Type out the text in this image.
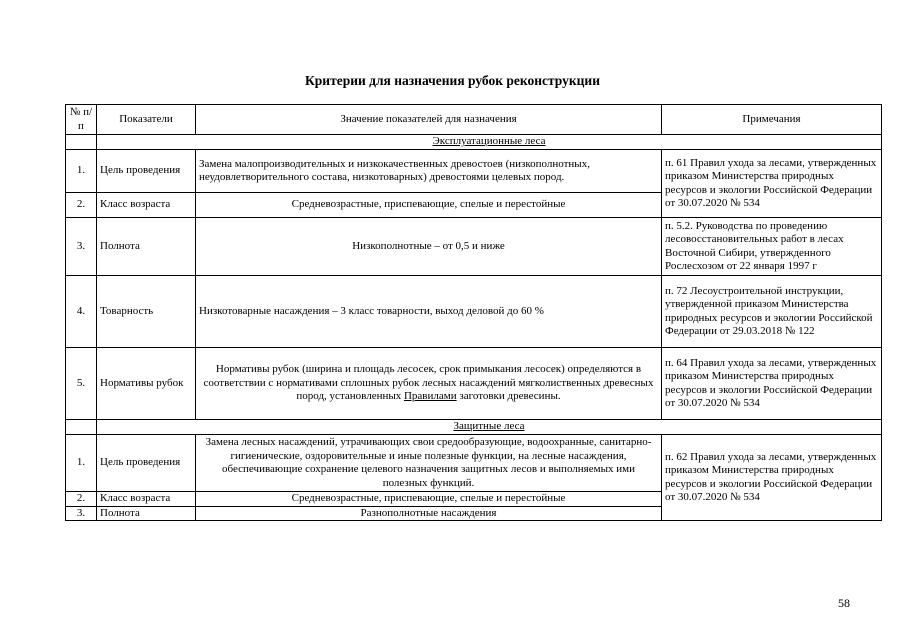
Критерии для назначения рубок реконструкции
№ п/п	Показатели	Значение показателей для назначения	Примечания
	Эксплуатационные леса		
1.	Цель проведения	Замена малопроизводительных и низкокачественных древостоев (низкополнотных, неудовлетворительного состава, низкотоварных) древостоями целевых пород.	п. 61 Правил ухода за лесами, утвержденных приказом Министерства природных ресурсов и экологии Российской Федерации от 30.07.2020 № 534
2.	Класс возраста	Средневозрастные, приспевающие, спелые и перестойные	
3.	Полнота	Низкополнотные – от 0,5 и ниже	п. 5.2. Руководства по проведению лесовосстановительных работ в лесах Восточной Сибири, утвержденного Рослесхозом от 22 января 1997 г
4.	Товарность	Низкотоварные насаждения – 3 класс товарности, выход деловой до 60 %	п. 72 Лесоустроительной инструкции, утвержденной приказом Министерства природных ресурсов и экологии Российской Федерации от 29.03.2018 № 122
5.	Нормативы рубок	Нормативы рубок (ширина и площадь лесосек, срок примыкания лесосек) определяются в соответствии с нормативами сплошных рубок лесных насаждений мягколиственных древесных пород, установленных Правилами заготовки древесины.	п. 64 Правил ухода за лесами, утвержденных приказом Министерства природных ресурсов и экологии Российской Федерации от 30.07.2020 № 534
	Защитные леса		
1.	Цель проведения	Замена лесных насаждений, утрачивающих свои средообразующие, водоохранные, санитарно-гигиенические, оздоровительные и иные полезные функции, на лесные насаждения, обеспечивающие сохранение целевого назначения защитных лесов и выполняемых ими полезных функций.	п. 62 Правил ухода за лесами, утвержденных приказом Министерства природных ресурсов и экологии Российской Федерации от 30.07.2020 № 534
2.	Класс возраста	Средневозрастные, приспевающие, спелые и перестойные	
3.	Полнота	Разнополнотные насаждения	
58
